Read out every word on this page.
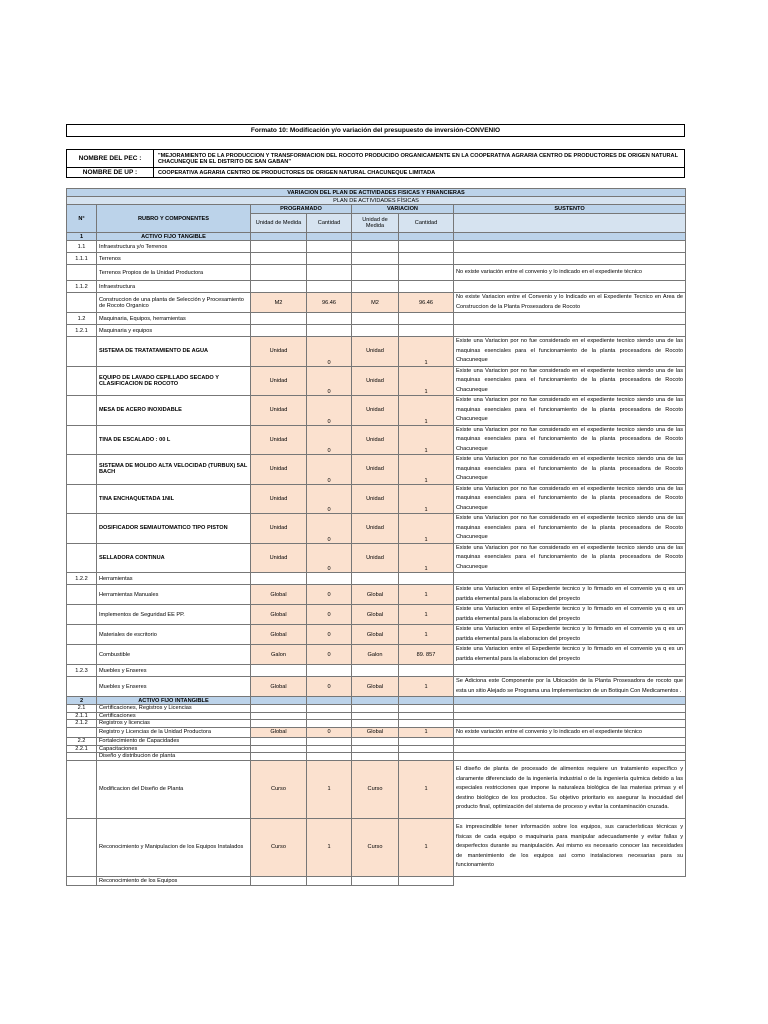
Formato 10: Modificación y/o variación del presupuesto de inversión-CONVENIO
NOMBRE DEL PEC :	"MEJORAMIENTO DE LA PRODUCCION Y TRANSFORMACION DEL ROCOTO PRODUCIDO ORGANICAMENTE EN LA COOPERATIVA AGRARIA CENTRO DE PRODUCTORES DE ORIGEN NATURAL CHACUNEQUE EN EL DISTRITO DE SAN GABAN"
NOMBRE DE UP :	COOPERATIVA AGRARIA CENTRO DE PRODUCTORES DE ORIGEN NATURAL CHACUNEQUE LIMITADA
VARIACION DEL PLAN DE ACTIVIDADES FISICAS Y FINANCIERAS						
PLAN DE ACTIVIDADES FÍSICAS						
N°	RUBRO Y COMPONENTES	PROGRAMADO		VARIACION		SUSTENTO
		Unidad de Medida	Cantidad	Unidad de Medida	Cantidad	
1	ACTIVO FIJO TANGIBLE					
1.1	Infraestructura y/o Terrenos					
1.1.1	Terrenos					
	Terrenos Propios de la Unidad Productora					No existe variación entre el convenio y lo indicado en el expediente técnico
1.1.2	Infraestructura					
	Construccion de una planta de Selección y Procesamiento de Rocoto Organico	M2	96.46	M2	96.46	No existe Variacion entre el Convenio y lo Indicado en el Expediente Tecnico en Area de Construccion de la Planta Prosesadora de Rocoto
1.2	Maquinaria, Equipos, herramientas					
1.2.1	Maquinaria y equipos					
	SISTEMA DE TRATATAMIENTO DE AGUA	Unidad	0	Unidad	1	Existe una Variacion por no fue considerado en el expediente tecnico siendo una de las maquinas esenciales para el funcionamiento de la planta procesadora de Rocoto Chacuneque
	EQUIPO DE LAVADO CEPILLADO SECADO Y CLASIFICACION DE ROCOTO	Unidad	0	Unidad	1	Existe una Variacion por no fue considerado en el expediente tecnico siendo una de las maquinas esenciales para el funcionamiento de la planta procesadora de Rocoto Chacuneque
	MESA DE ACERO INOXIDABLE	Unidad	0	Unidad	1	Existe una Variacion por no fue considerado en el expediente tecnico siendo una de las maquinas esenciales para el funcionamiento de la planta procesadora de Rocoto Chacuneque
	TINA DE ESCALADO : 00 L	Unidad	0	Unidad	1	Existe una Variacion por no fue considerado en el expediente tecnico siendo una de las maquinas esenciales para el funcionamiento de la planta procesadora de Rocoto Chacuneque
	SISTEMA DE MOLIDO ALTA VELOCIDAD (TURBUX) 5AL BACH	Unidad	0	Unidad	1	Existe una Variacion por no fue considerado en el expediente tecnico siendo una de las maquinas esenciales para el funcionamiento de la planta procesadora de Rocoto Chacuneque
	TINA ENCHAQUETADA 1NIL	Unidad	0	Unidad	1	Existe una Variacion por no fue considerado en el expediente tecnico siendo una de las maquinas esenciales para el funcionamiento de la planta procesadora de Rocoto Chacuneque
	DOSIFICADOR SEMIAUTOMATICO TIPO PISTON	Unidad	0	Unidad	1	Existe una Variacion por no fue considerado en el expediente tecnico siendo una de las maquinas esenciales para el funcionamiento de la planta procesadora de Rocoto Chacuneque
	SELLADORA CONTINUA	Unidad	0	Unidad	1	Existe una Variacion por no fue considerado en el expediente tecnico siendo una de las maquinas esenciales para el funcionamiento de la planta procesadora de Rocoto Chacuneque
1.2.2	Herramientas					
	Herramientas Manuales	Global	0	Global	1	Existe una Variacion entre el Expediente tecnico y lo firmado en el convenio ya q es un partida elemental para la elaboracion del proyecto
	Implementos de Seguridad EE PP.	Global	0	Global	1	Existe una Variacion entre el Expediente tecnico y lo firmado en el convenio ya q es un partida elemental para la elaboracion del proyecto
	Materiales de escritorio	Global	0	Global	1	Existe una Variacion entre el Expediente tecnico y lo firmado en el convenio ya q es un partida elemental para la elaboracion del proyecto
	Combustible	Galon	0	Galon	89. 857	Existe una Variacion entre el Expediente tecnico y lo firmado en el convenio ya q es un partida elemental para la elaboracion del proyecto
1.2.3	Muebles y Enseres					
	Muebles y Enseres	Global	0	Global	1	Se Adiciona este Componente por la Ubicación de la Planta Prosesadora de rocoto que esta un sitio Alejado se Programa una Implementacion de un Botiquin Con Medicamentos .
2	ACTIVO FIJO INTANGIBLE					
2.1	Certificaciones, Registros y Licencias					
2.1.1	Certificaciones					
2.1.2	Registros y licencias					
	Registro y Licencias de la Unidad Productora	Global	0	Global	1	No existe variación entre el convenio y lo indicado en el expediente técnico
2.2	Fortalecimiento de Capacidades					
2.2.1	Capacitaciones					
	Diseño y distribucion de planta					
	Modificacion del Diseño de Planta	Curso	1	Curso	1	El diseño de planta de procesado de alimentos requiere un tratamiento específico y claramente diferenciado de la ingeniería industrial o de la ingeniería química debido a las especiales restricciones que impone la naturaleza biológica de las materias primas y el destino biológico de los productos. Su objetivo prioritario es asegurar la inocuidad del producto final, optimización del sistema de proceso y evitar la contaminación cruzada.
	Reconocimiento y Manipulacion de los Equipos Instalados	Curso	1	Curso	1	Es imprescindible tener información sobre los equipos, sus características técnicas y físicas de cada equipo o maquinaria para manipular adecuadamente y evitar fallas y desperfectos durante su manipulación. Asi mismo es necesario conocer las necesidades de mantenimiento de los equipos asi como instalaciones necesarias para su funcionamiento
	Reconocimiento de los Equipos					
